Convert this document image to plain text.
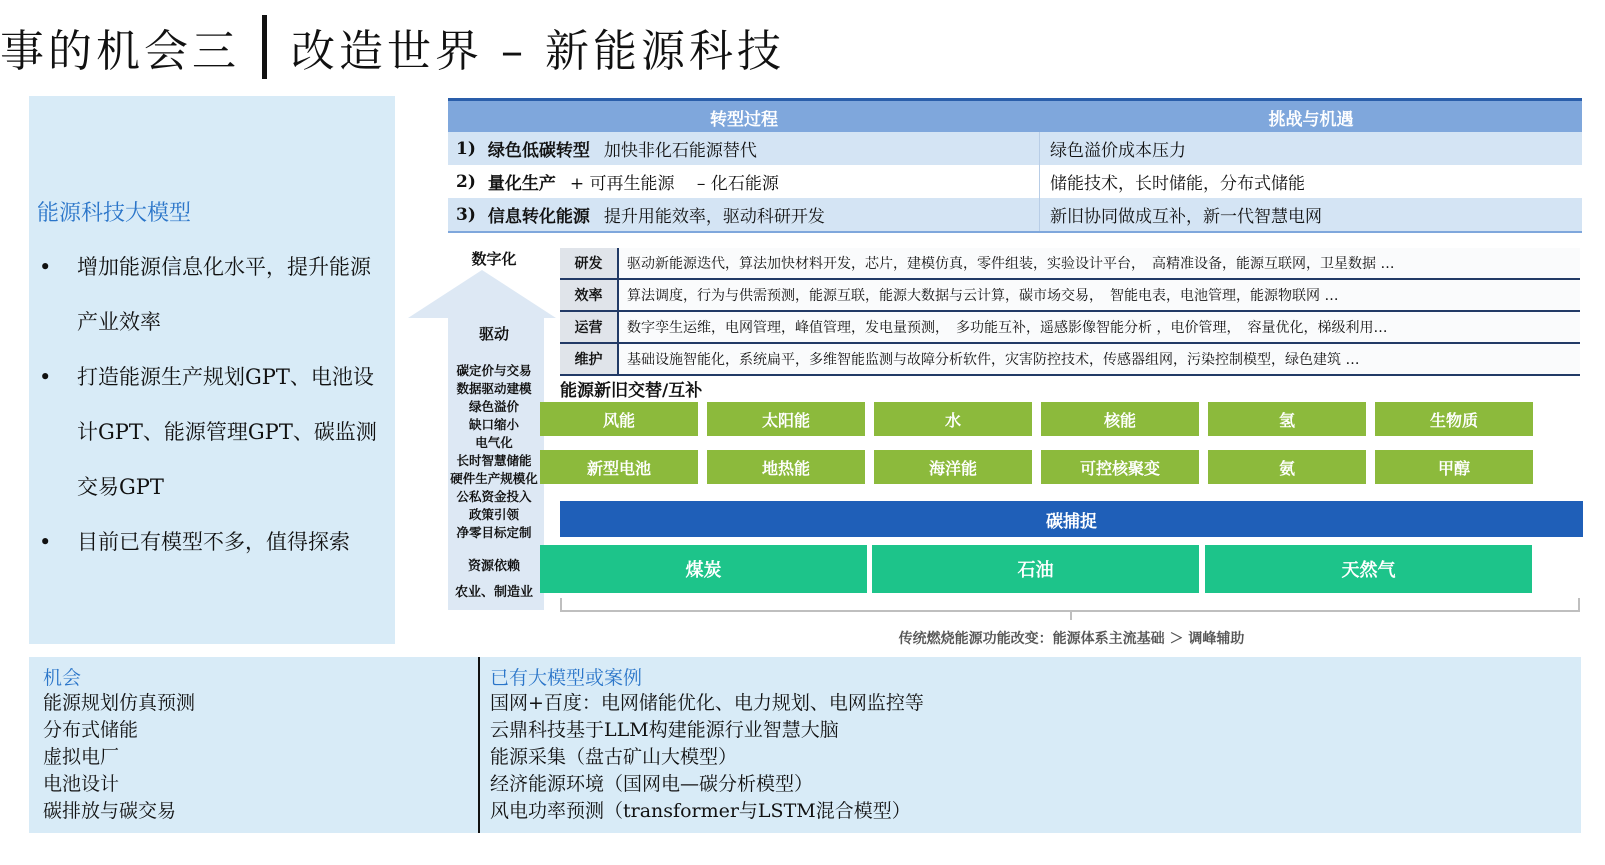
事的机会三 改造世界 – 新能源科技
能源科技大模型
• 增加能源信息化水平，提升能源产业效率
• 打造能源生产规划GPT、电池设计GPT、能源管理GPT、碳监测交易GPT
• 目前已有模型不多，值得探索
转型过程	挑战与机遇
1) 绿色低碳转型 加快非化石能源替代	绿色溢价成本压力
2) 量化生产 + 可再生能源　 – 化石能源	储能技术，长时储能，分布式储能
3) 信息转化能源 提升用能效率，驱动科研开发	新旧协同做成互补，新一代智慧电网
数字化
驱动
碳定价与交易
数据驱动建模
绿色溢价
缺口缩小
电气化
长时智慧储能
硬件生产规模化
公私资金投入
政策引领
净零目标定制
资源依赖
农业、制造业
研发	驱动新能源迭代，算法加快材料开发，芯片，建模仿真，零件组装，实验设计平台，　高精准设备，能源互联网，卫星数据 …
效率	算法调度，行为与供需预测，能源互联，能源大数据与云计算，碳市场交易，　智能电表，电池管理，能源物联网 …
运营	数字孪生运维，电网管理，峰值管理，发电量预测，　多功能互补，遥感影像智能分析 ，电价管理，　容量优化，梯级利用…
维护	基础设施智能化，系统扁平，多维智能监测与故障分析软件，灾害防控技术，传感器组网，污染控制模型，绿色建筑 …
能源新旧交替/互补
风能	太阳能	水	核能	氢	生物质
新型电池	地热能	海洋能	可控核聚变	氨	甲醇
碳捕捉
煤炭	石油	天然气
传统燃烧能源功能改变：能源体系主流基础 ＞ 调峰辅助
机会
能源规划仿真预测
分布式储能
虚拟电厂
电池设计
碳排放与碳交易
已有大模型或案例
国网+百度：电网储能优化、电力规划、电网监控等
云鼎科技基于LLM构建能源行业智慧大脑
能源采集（盘古矿山大模型）
经济能源环境（国网电—碳分析模型）
风电功率预测（transformer与LSTM混合模型）
